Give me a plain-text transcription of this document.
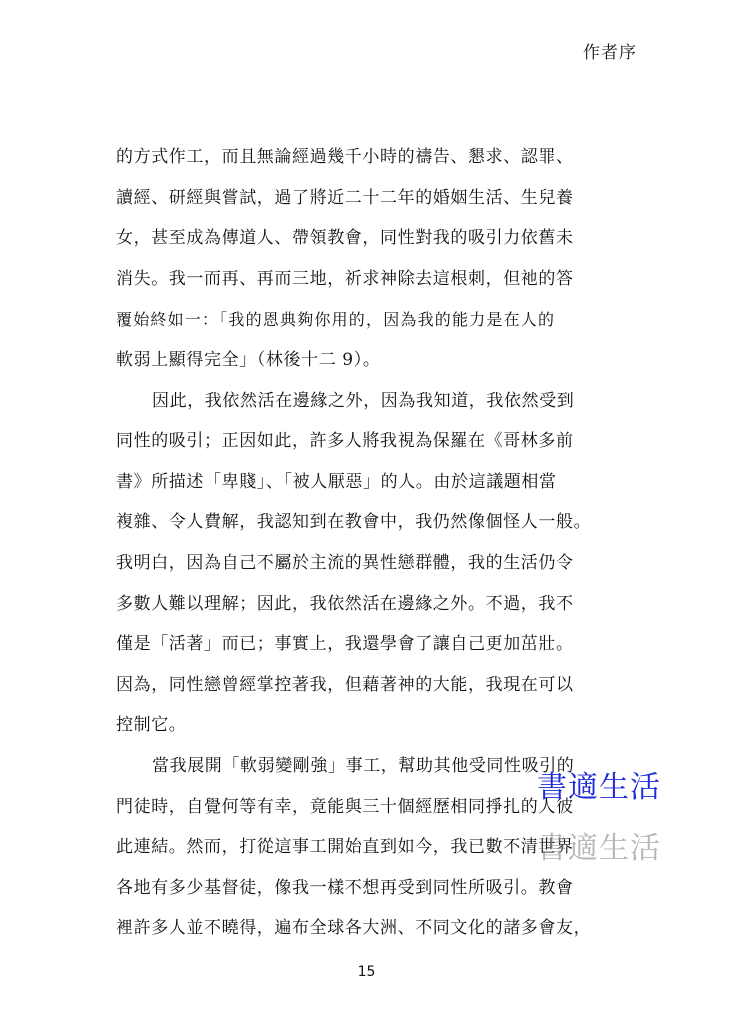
作者序

的方式作工，而且無論經過幾千小時的禱告、懇求、認罪、

讀經、研經與嘗試，過了將近二十二年的婚姻生活、生兒養

女，甚至成為傳道人、帶領教會，同性對我的吸引力依舊未

消失。我一而再、再而三地，祈求神除去這根刺，但祂的答

覆始終如一：「我的恩典夠你用的，因為我的能力是在人的

軟弱上顯得完全」（林後十二 9）。

因此，我依然活在邊緣之外，因為我知道，我依然受到

同性的吸引；正因如此，許多人將我視為保羅在《哥林多前

書》所描述「卑賤」、「被人厭惡」的人。由於這議題相當

複雜、令人費解，我認知到在教會中，我仍然像個怪人一般。

我明白，因為自己不屬於主流的異性戀群體，我的生活仍令

多數人難以理解；因此，我依然活在邊緣之外。不過，我不

僅是「活著」而已；事實上，我還學會了讓自己更加茁壯。

因為，同性戀曾經掌控著我，但藉著神的大能，我現在可以

控制它。

當我展開「軟弱變剛強」事工，幫助其他受同性吸引的

門徒時，自覺何等有幸，竟能與三十個經歷相同掙扎的人彼

此連結。然而，打從這事工開始直到如今，我已數不清世界

各地有多少基督徒，像我一樣不想再受到同性所吸引。教會

裡許多人並不曉得，遍布全球各大洲、不同文化的諸多會友，

書適生活
書適生活
15
